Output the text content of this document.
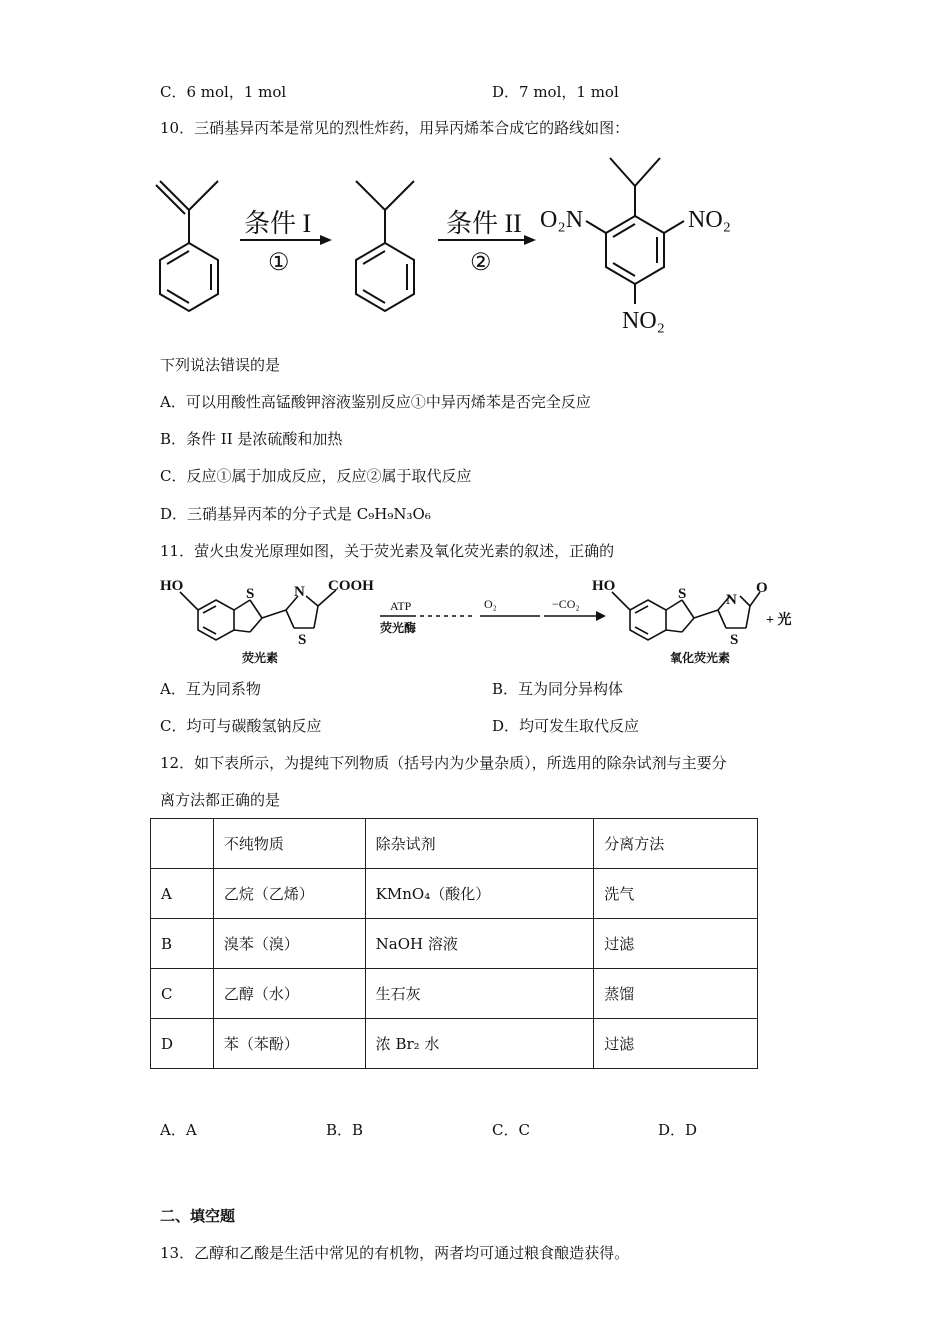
C．6 mol，1 mol	D．7 mol，1 mol
10．三硝基异丙苯是常见的烈性炸药，用异丙烯苯合成它的路线如图：
条件 I
①
条件 II
②
O₂N	NO₂
NO₂
下列说法错误的是
A．可以用酸性高锰酸钾溶液鉴别反应①中异丙烯苯是否完全反应
B．条件 II 是浓硫酸和加热
C．反应①属于加成反应，反应②属于取代反应
D．三硝基异丙苯的分子式是 C₉H₉N₃O₆
11．萤火虫发光原理如图，关于荧光素及氧化荧光素的叙述，正确的
HO	S	N COOH
S
荧光素
ATP
荧光酶
O₂	−CO₂
HO	S	N
O
S
+ 光
氧化荧光素
A．互为同系物	B．互为同分异构体
C．均可与碳酸氢钠反应	D．均可发生取代反应
12．如下表所示，为提纯下列物质（括号内为少量杂质），所选用的除杂试剂与主要分
离方法都正确的是
	不纯物质	除杂试剂	分离方法
A	乙烷（乙烯）	KMnO₄（酸化）	洗气
B	溴苯（溴）	NaOH 溶液	过滤
C	乙醇（水）	生石灰	蒸馏
D	苯（苯酚）	浓 Br₂ 水	过滤
A．A	B．B	C．C	D．D
二、填空题
13．乙醇和乙酸是生活中常见的有机物，两者均可通过粮食酿造获得。
